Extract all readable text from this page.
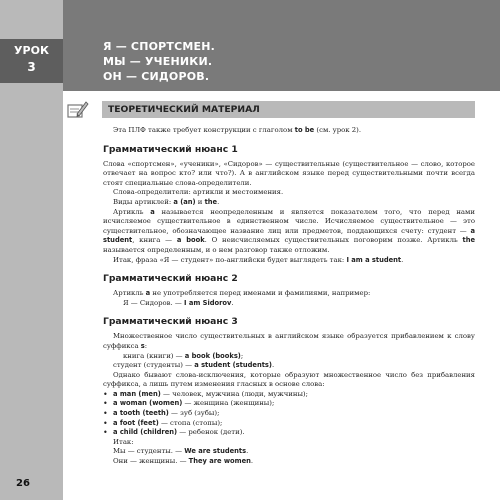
УРОК
3
Я — СПОРТСМЕН.
МЫ — УЧЕНИКИ.
ОН — СИДОРОВ.
ТЕОРЕТИЧЕСКИЙ МАТЕРИАЛ

Эта ПЛФ также требует конструкции с глаголом to be (см. урок 2).

Грамматический нюанс 1

Слова «спортсмен», «ученики», «Сидоров» — существительные (существительное — слово, которое отвечает на вопрос кто? или что?). А в английском языке перед существительными почти всегда стоят специальные слова-определители.

Слова-определители: артикли и местоимения.

Виды артиклей: a (an) и the.

Артикль a называется неопределенным и является показателем того, что перед нами исчисляемое существительное в единственном числе. Исчисляемое существительное — это существительное, обозначающее название лиц или предметов, поддающихся счету: студент — a student, книга — a book. О неисчисляемых существительных поговорим позже. Артикль the называется определенным, и о нем разговор также отложим.

Итак, фраза «Я — студент» по-английски будет выглядеть так: I am a student.

Грамматический нюанс 2

Артикль a не употребляется перед именами и фамилиями, например:

Я — Сидоров. — I am Sidorov.

Грамматический нюанс 3

Множественное число существительных в английском языке образуется прибавлением к слову суффикса s:

книга (книги) — a book (books);

студент (студенты) — a student (students).

Однако бывают слова-исключения, которые образуют множественное число без прибавления суффикса, а лишь путем изменения гласных в основе слова:

• a man (men) — человек, мужчина (люди, мужчины);

• a woman (women) — женщина (женщины);

• a tooth (teeth) — зуб (зубы);

• a foot (feet) — стопа (стопы);

• a child (children) — ребенок (дети).

Итак:

Мы — студенты. — We are students.

Они — женщины. — They are women.

26
